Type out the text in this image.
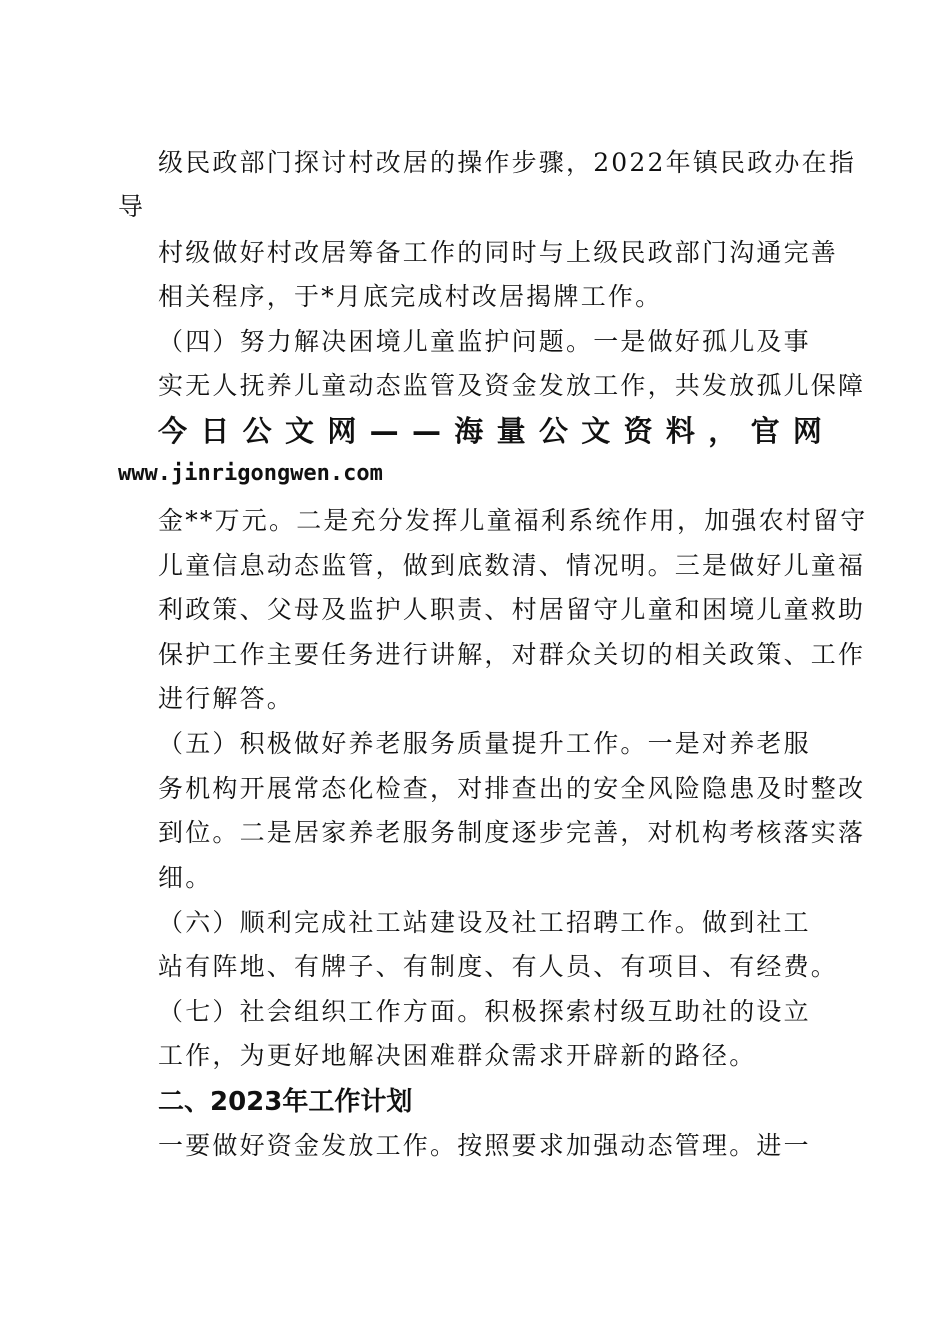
级民政部门探讨村改居的操作步骤，2022年镇民政办在指
导
村级做好村改居筹备工作的同时与上级民政部门沟通完善
相关程序，于*月底完成村改居揭牌工作。
（四）努力解决困境儿童监护问题。一是做好孤儿及事
实无人抚养儿童动态监管及资金发放工作，共发放孤儿保障
今 日 公 文 网 — — 海 量 公 文 资 料 ， 官 网
www.jinrigongwen.com
金**万元。二是充分发挥儿童福利系统作用，加强农村留守
儿童信息动态监管，做到底数清、情况明。三是做好儿童福
利政策、父母及监护人职责、村居留守儿童和困境儿童救助
保护工作主要任务进行讲解，对群众关切的相关政策、工作
进行解答。
（五）积极做好养老服务质量提升工作。一是对养老服
务机构开展常态化检查，对排查出的安全风险隐患及时整改
到位。二是居家养老服务制度逐步完善，对机构考核落实落
细。
（六）顺利完成社工站建设及社工招聘工作。做到社工
站有阵地、有牌子、有制度、有人员、有项目、有经费。
（七）社会组织工作方面。积极探索村级互助社的设立
工作，为更好地解决困难群众需求开辟新的路径。
二、2023年工作计划
一要做好资金发放工作。按照要求加强动态管理。进一
